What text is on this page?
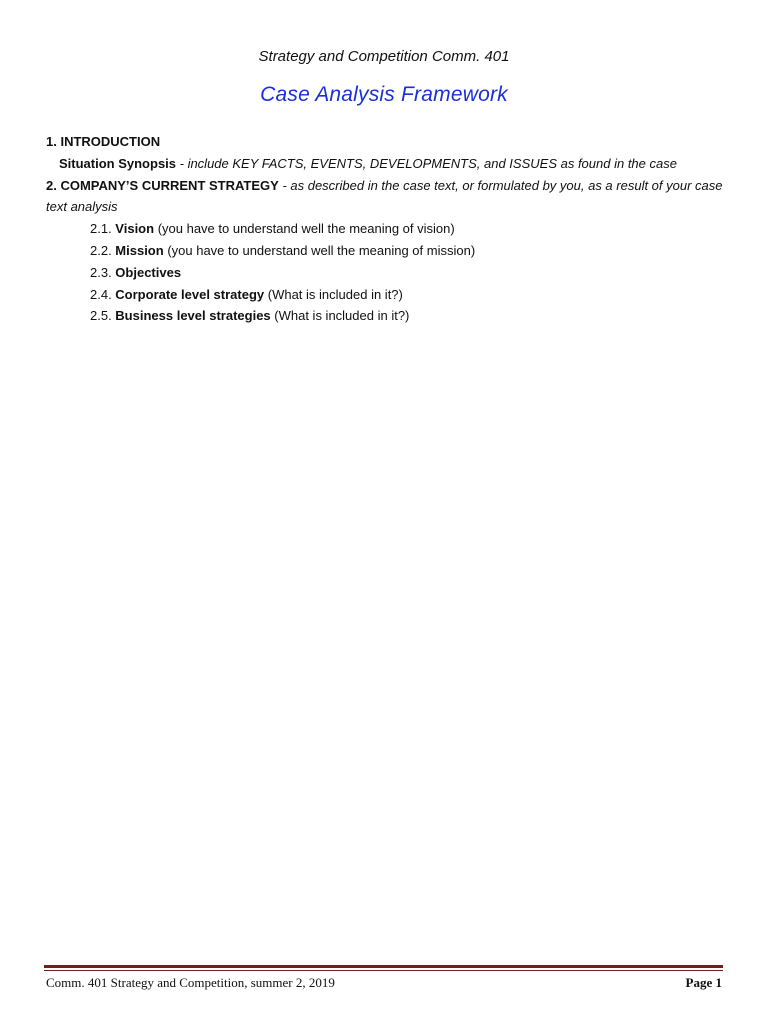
Strategy and Competition Comm. 401
Case Analysis Framework
1. INTRODUCTION
Situation Synopsis - include KEY FACTS, EVENTS, DEVELOPMENTS, and ISSUES as found in the case
2. COMPANY’S CURRENT STRATEGY - as described in the case text, or formulated by you, as a result of your case text analysis
2.1. Vision (you have to understand well the meaning of vision)
2.2. Mission (you have to understand well the meaning of mission)
2.3. Objectives
2.4. Corporate level strategy (What is included in it?)
2.5. Business level strategies (What is included in it?)
Comm. 401 Strategy and Competition, summer 2, 2019	Page 1
